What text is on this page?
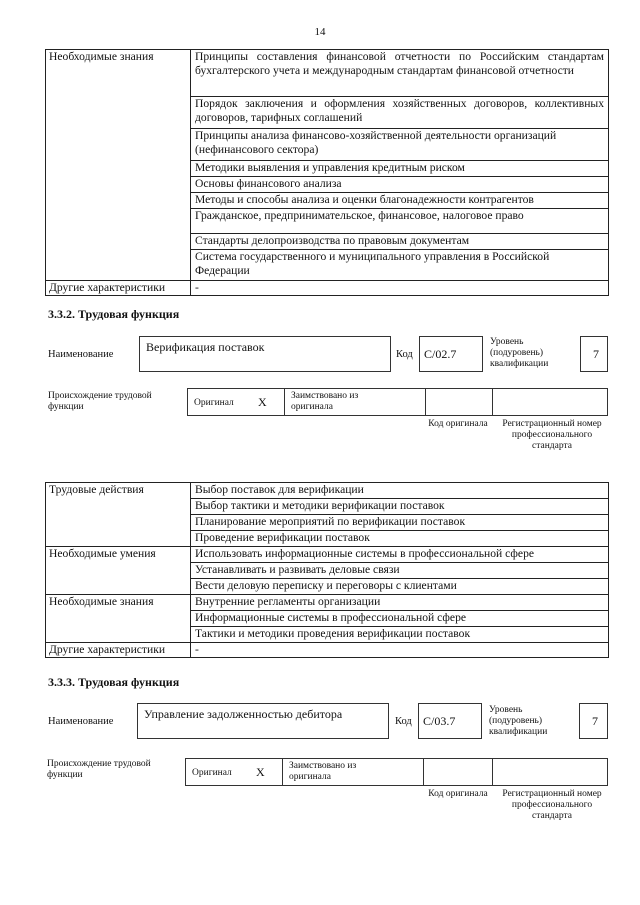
14
Необходимые знания	Принципы составления финансовой отчетности по Российским стандартам бухгалтерского учета и международным стандартам финансовой отчетности
	Порядок заключения и оформления хозяйственных договоров, коллективных договоров, тарифных соглашений
	Принципы анализа финансово-хозяйственной деятельности организаций (нефинансового сектора)
	Методики выявления и управления кредитным риском
	Основы финансового анализа
	Методы и способы анализа и оценки благонадежности контрагентов
	Гражданское, предпринимательское, финансовое, налоговое право
	Стандарты делопроизводства по правовым документам
	Система государственного и муниципального управления в Российской Федерации
Другие характеристики	-
3.3.2. Трудовая функция
Наименование
Верификация поставок
Код C/02.7
Уровень (подуровень) квалификации
7
Происхождение трудовой функции	Оригинал X	Заимствовано из оригинала
Код оригинала	Регистрационный номер профессионального стандарта
Трудовые действия	Выбор поставок для верификации
	Выбор тактики и методики верификации поставок
	Планирование мероприятий по верификации поставок
	Проведение верификации поставок
Необходимые умения	Использовать информационные системы в профессиональной сфере
	Устанавливать и развивать деловые связи
	Вести деловую переписку и переговоры с клиентами
Необходимые знания	Внутренние регламенты организации
	Информационные системы в профессиональной сфере
	Тактики и методики проведения верификации поставок
Другие характеристики	-
3.3.3. Трудовая функция
Наименование
Управление задолженностью дебитора
Код C/03.7
Уровень (подуровень) квалификации
7
Происхождение трудовой функции	Оригинал X	Заимствовано из оригинала
Код оригинала	Регистрационный номер профессионального стандарта
